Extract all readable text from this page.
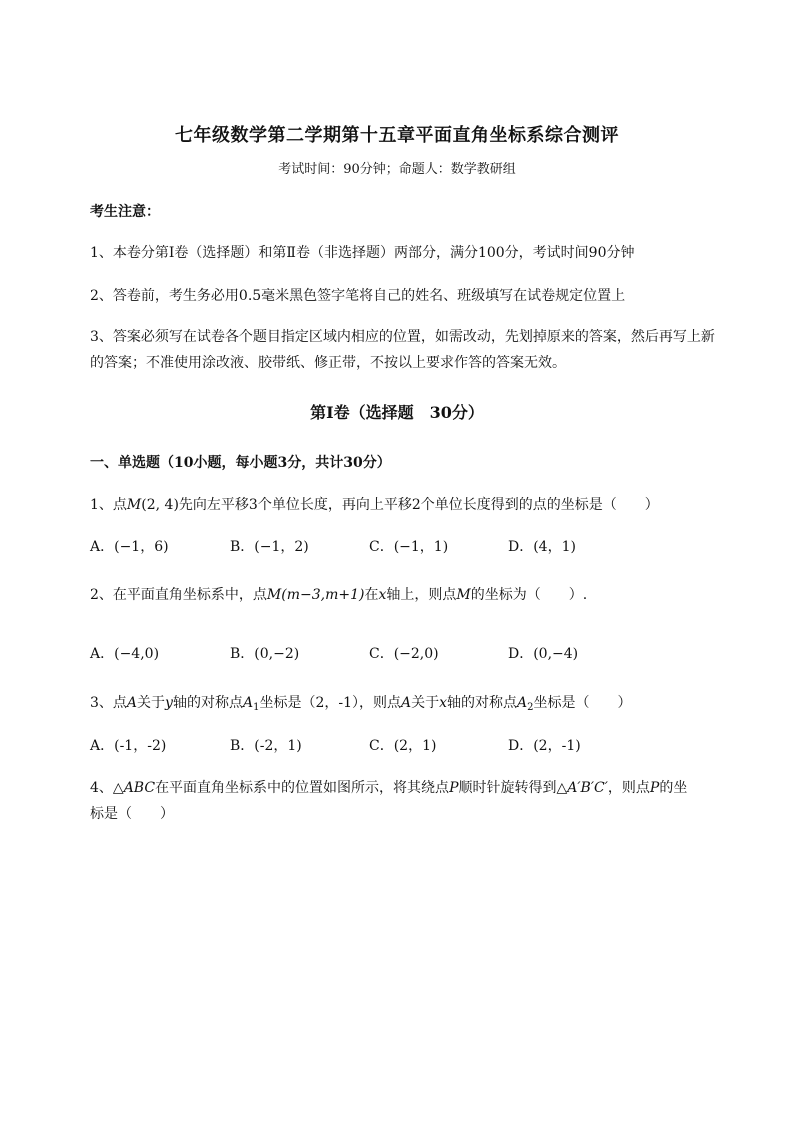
七年级数学第二学期第十五章平面直角坐标系综合测评
考试时间：90分钟；命题人：数学教研组
考生注意：
1、本卷分第I卷（选择题）和第Ⅱ卷（非选择题）两部分，满分100分，考试时间90分钟
2、答卷前，考生务必用0.5毫米黑色签字笔将自己的姓名、班级填写在试卷规定位置上
3、答案必须写在试卷各个题目指定区域内相应的位置，如需改动，先划掉原来的答案，然后再写上新
的答案；不准使用涂改液、胶带纸、修正带，不按以上要求作答的答案无效。
第I卷（选择题　30分）
一、单选题（10小题，每小题3分，共计30分）
1、点M(2, 4)先向左平移3个单位长度，再向上平移2个单位长度得到的点的坐标是（　　）
A．(−1，6)	B．(−1，2)	C．(−1，1)	D．(4，1)
2、在平面直角坐标系中，点M(m−3,m+1)在x轴上，则点M的坐标为（　　）.
A．(−4,0)	B．(0,−2)	C．(−2,0)	D．(0,−4)
3、点A关于y轴的对称点$A_1$坐标是（2，-1），则点A关于x轴的对称点$A_2$坐标是（　　）
A．(-1，-2)	B．(-2，1)	C．(2，1)	D．(2，-1)
4、△ABC在平面直角坐标系中的位置如图所示，将其绕点P顺时针旋转得到△A′B′C′，则点P的坐
标是（　　）
